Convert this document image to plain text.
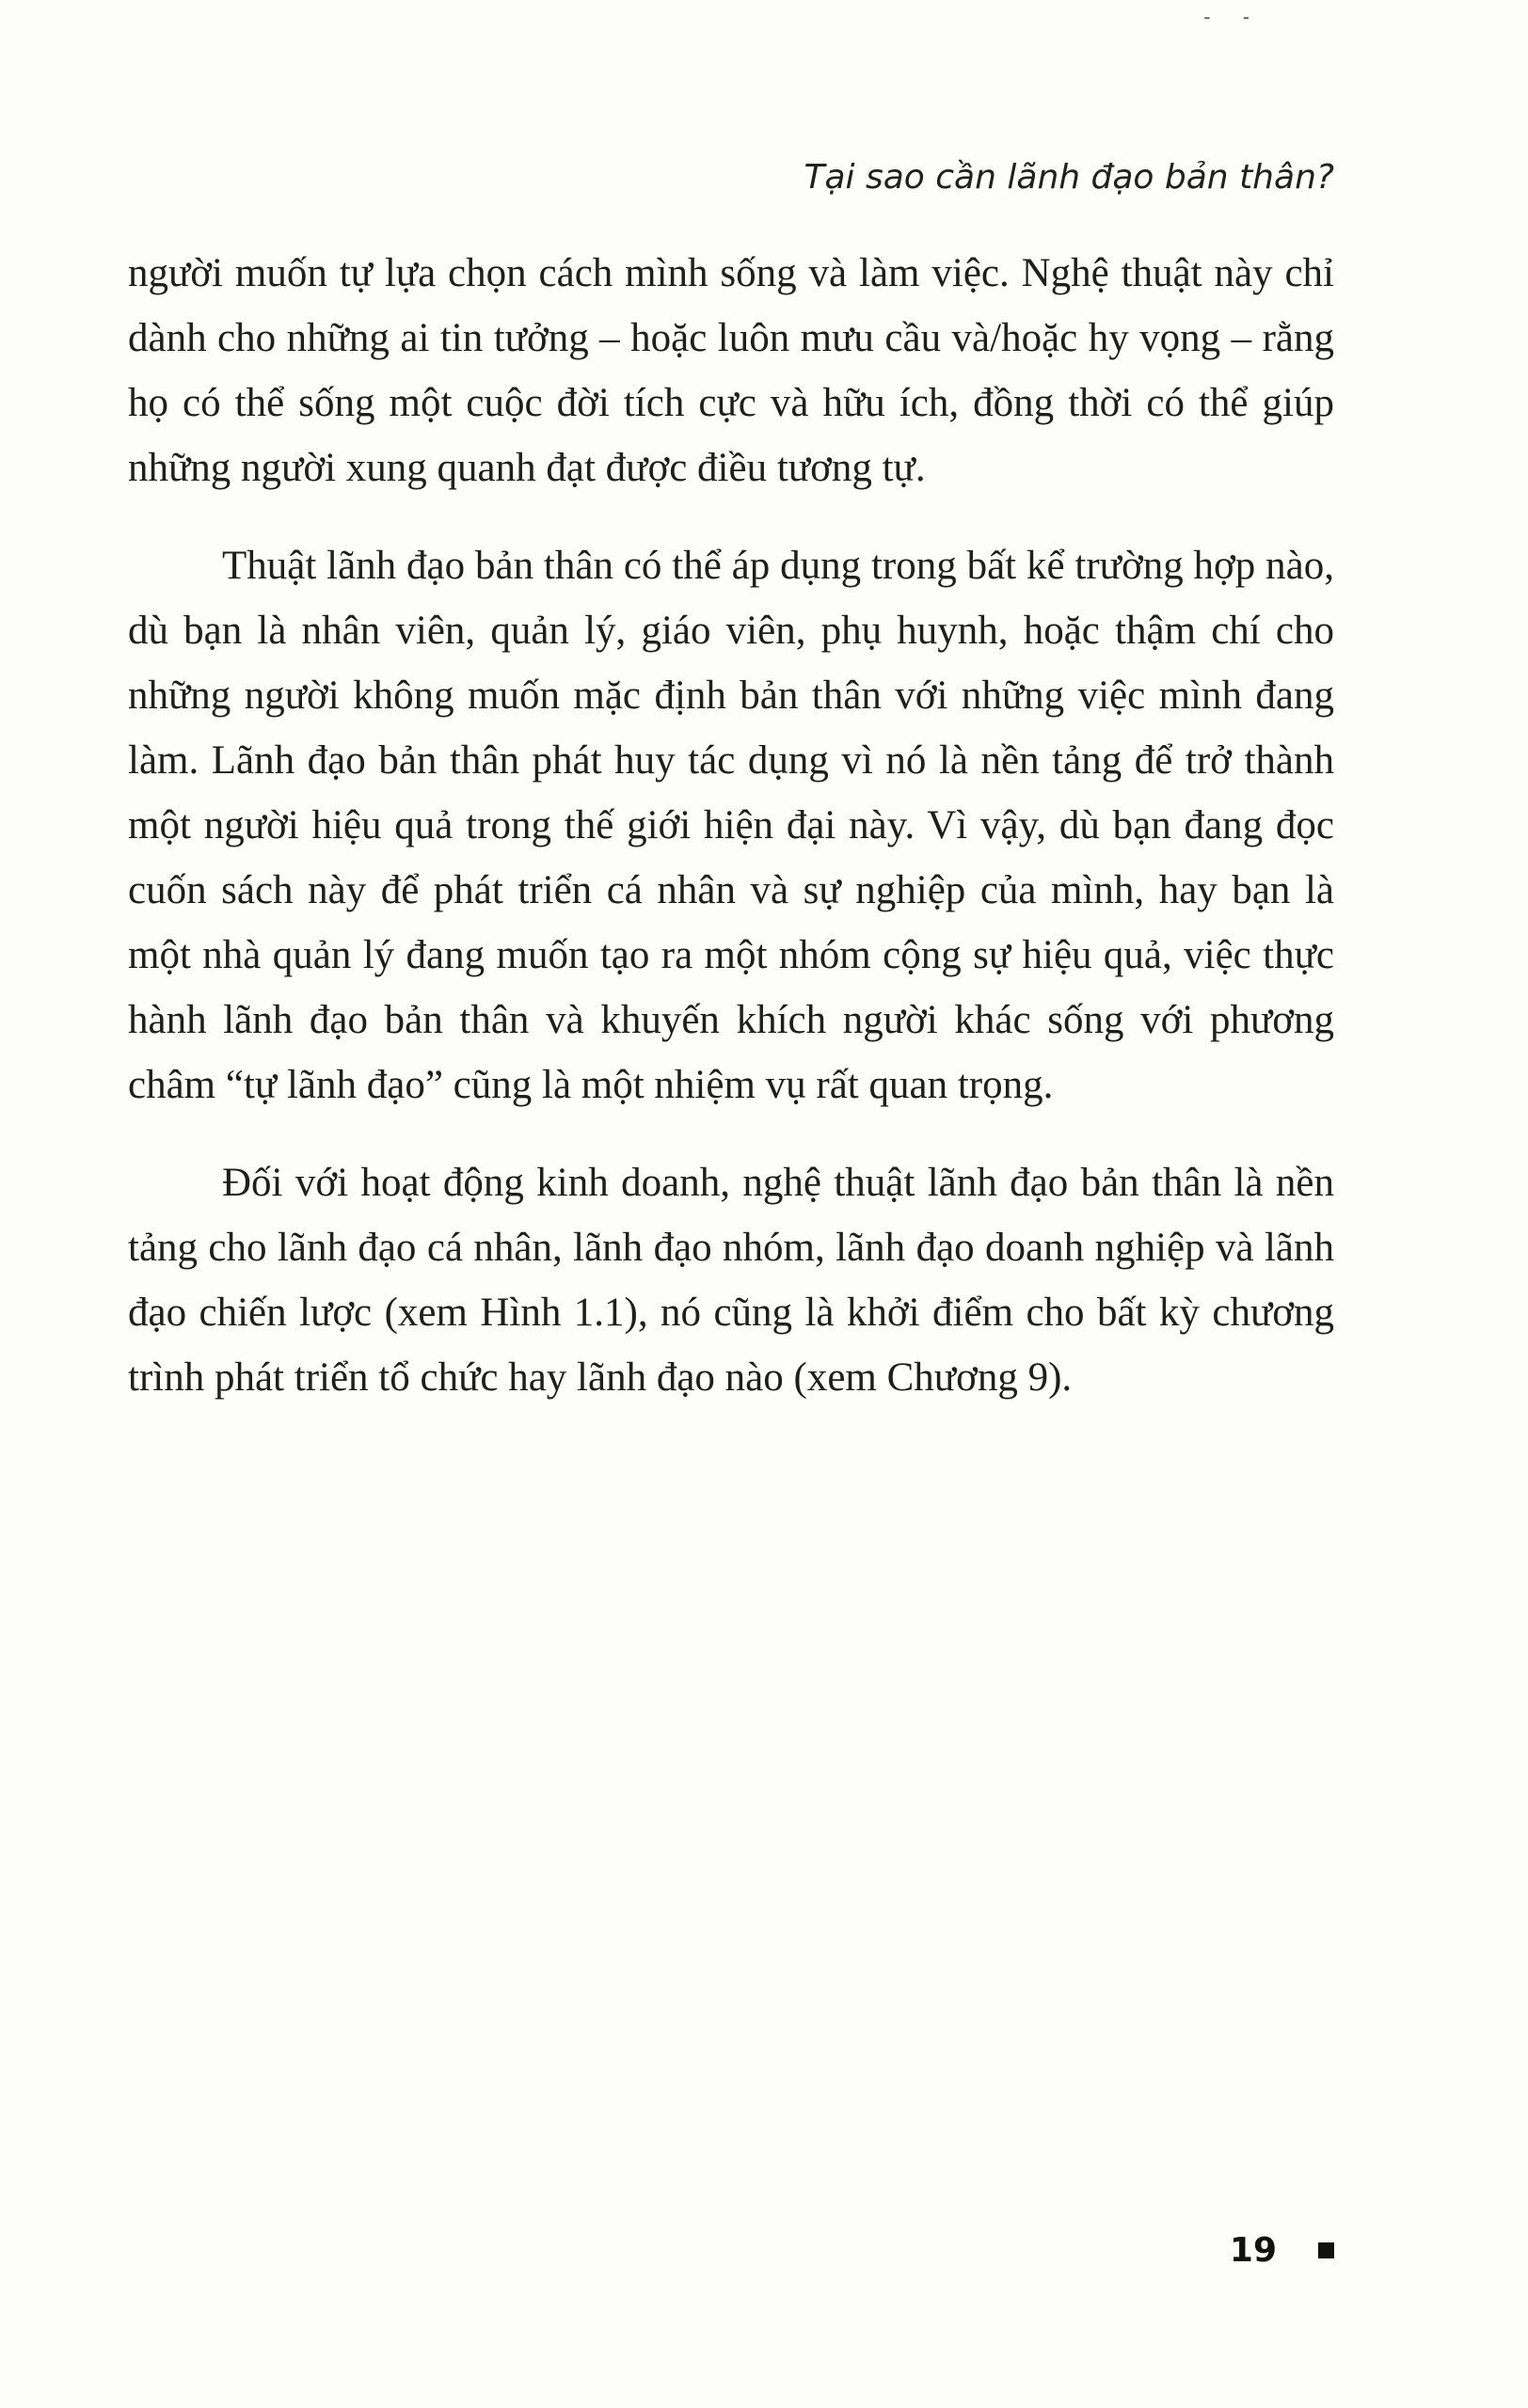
- -
Tại sao cần lãnh đạo bản thân?

người muốn tự lựa chọn cách mình sống và làm việc. Nghệ thuật này chỉ dành cho những ai tin tưởng – hoặc luôn mưu cầu và/hoặc hy vọng – rằng họ có thể sống một cuộc đời tích cực và hữu ích, đồng thời có thể giúp những người xung quanh đạt được điều tương tự.

Thuật lãnh đạo bản thân có thể áp dụng trong bất kể trường hợp nào, dù bạn là nhân viên, quản lý, giáo viên, phụ huynh, hoặc thậm chí cho những người không muốn mặc định bản thân với những việc mình đang làm. Lãnh đạo bản thân phát huy tác dụng vì nó là nền tảng để trở thành một người hiệu quả trong thế giới hiện đại này. Vì vậy, dù bạn đang đọc cuốn sách này để phát triển cá nhân và sự nghiệp của mình, hay bạn là một nhà quản lý đang muốn tạo ra một nhóm cộng sự hiệu quả, việc thực hành lãnh đạo bản thân và khuyến khích người khác sống với phương châm “tự lãnh đạo” cũng là một nhiệm vụ rất quan trọng.

Đối với hoạt động kinh doanh, nghệ thuật lãnh đạo bản thân là nền tảng cho lãnh đạo cá nhân, lãnh đạo nhóm, lãnh đạo doanh nghiệp và lãnh đạo chiến lược (xem Hình 1.1), nó cũng là khởi điểm cho bất kỳ chương trình phát triển tổ chức hay lãnh đạo nào (xem Chương 9).

19
